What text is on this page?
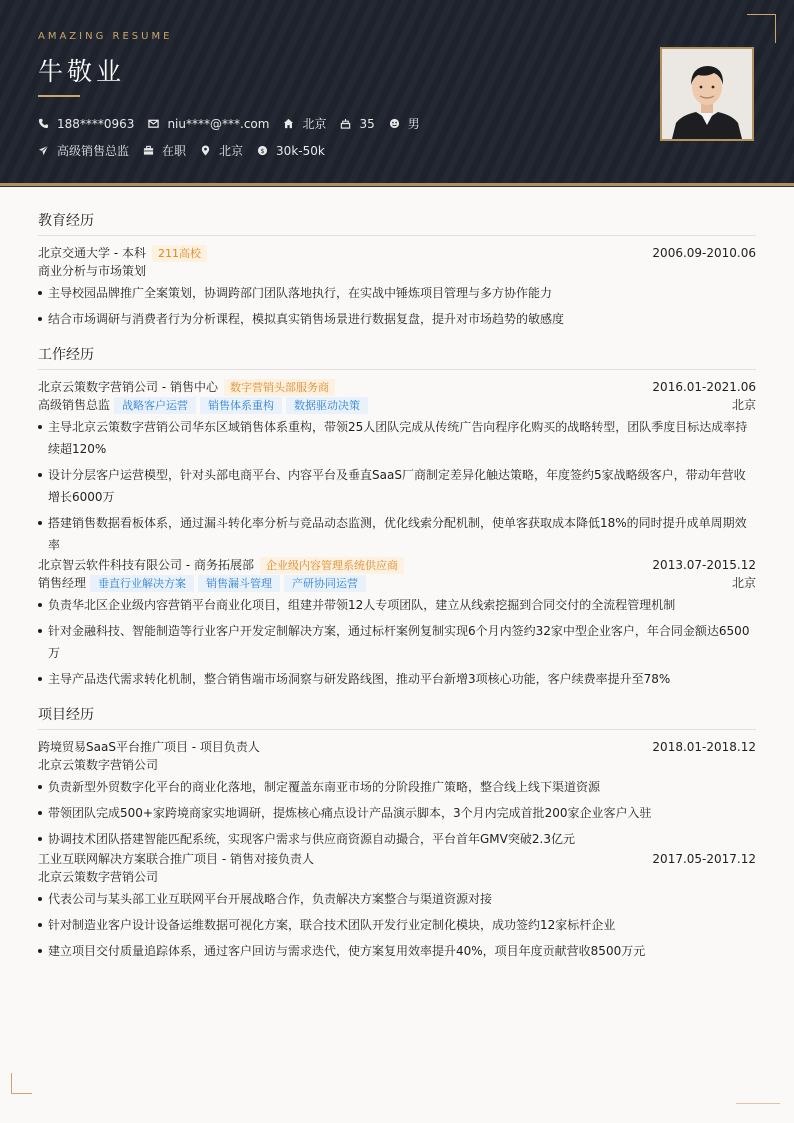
AMAZING RESUME
牛敬业
188****0963	niu****@***.com	北京	35	男
高级销售总监	在职	北京 $ 30k-50k
教育经历
北京交通大学 - 本科	211高校	2006.09-2010.06
商业分析与市场策划
主导校园品牌推广全案策划，协调跨部门团队落地执行，在实战中锤炼项目管理与多方协作能力
结合市场调研与消费者行为分析课程，模拟真实销售场景进行数据复盘，提升对市场趋势的敏感度
工作经历
北京云策数字营销公司 - 销售中心	数字营销头部服务商	2016.01-2021.06
高级销售总监	战略客户运营	销售体系重构	数据驱动决策	北京
主导北京云策数字营销公司华东区域销售体系重构，带领25人团队完成从传统广告向程序化购买的战略转型，团队季度目标达成率持续超120%
设计分层客户运营模型，针对头部电商平台、内容平台及垂直SaaS厂商制定差异化触达策略，年度签约5家战略级客户，带动年营收增长6000万
搭建销售数据看板体系，通过漏斗转化率分析与竞品动态监测，优化线索分配机制，使单客获取成本降低18%的同时提升成单周期效率
北京智云软件科技有限公司 - 商务拓展部	企业级内容管理系统供应商	2013.07-2015.12
销售经理	垂直行业解决方案	销售漏斗管理	产研协同运营	北京
负责华北区企业级内容营销平台商业化项目，组建并带领12人专项团队，建立从线索挖掘到合同交付的全流程管理机制
针对金融科技、智能制造等行业客户开发定制解决方案，通过标杆案例复制实现6个月内签约32家中型企业客户，年合同金额达6500万
主导产品迭代需求转化机制，整合销售端市场洞察与研发路线图，推动平台新增3项核心功能，客户续费率提升至78%
项目经历
跨境贸易SaaS平台推广项目 - 项目负责人	2018.01-2018.12
北京云策数字营销公司
负责新型外贸数字化平台的商业化落地，制定覆盖东南亚市场的分阶段推广策略，整合线上线下渠道资源
带领团队完成500+家跨境商家实地调研，提炼核心痛点设计产品演示脚本，3个月内完成首批200家企业客户入驻
协调技术团队搭建智能匹配系统，实现客户需求与供应商资源自动撮合，平台首年GMV突破2.3亿元
工业互联网解决方案联合推广项目 - 销售对接负责人	2017.05-2017.12
北京云策数字营销公司
代表公司与某头部工业互联网平台开展战略合作，负责解决方案整合与渠道资源对接
针对制造业客户设计设备运维数据可视化方案，联合技术团队开发行业定制化模块，成功签约12家标杆企业
建立项目交付质量追踪体系，通过客户回访与需求迭代，使方案复用效率提升40%，项目年度贡献营收8500万元
